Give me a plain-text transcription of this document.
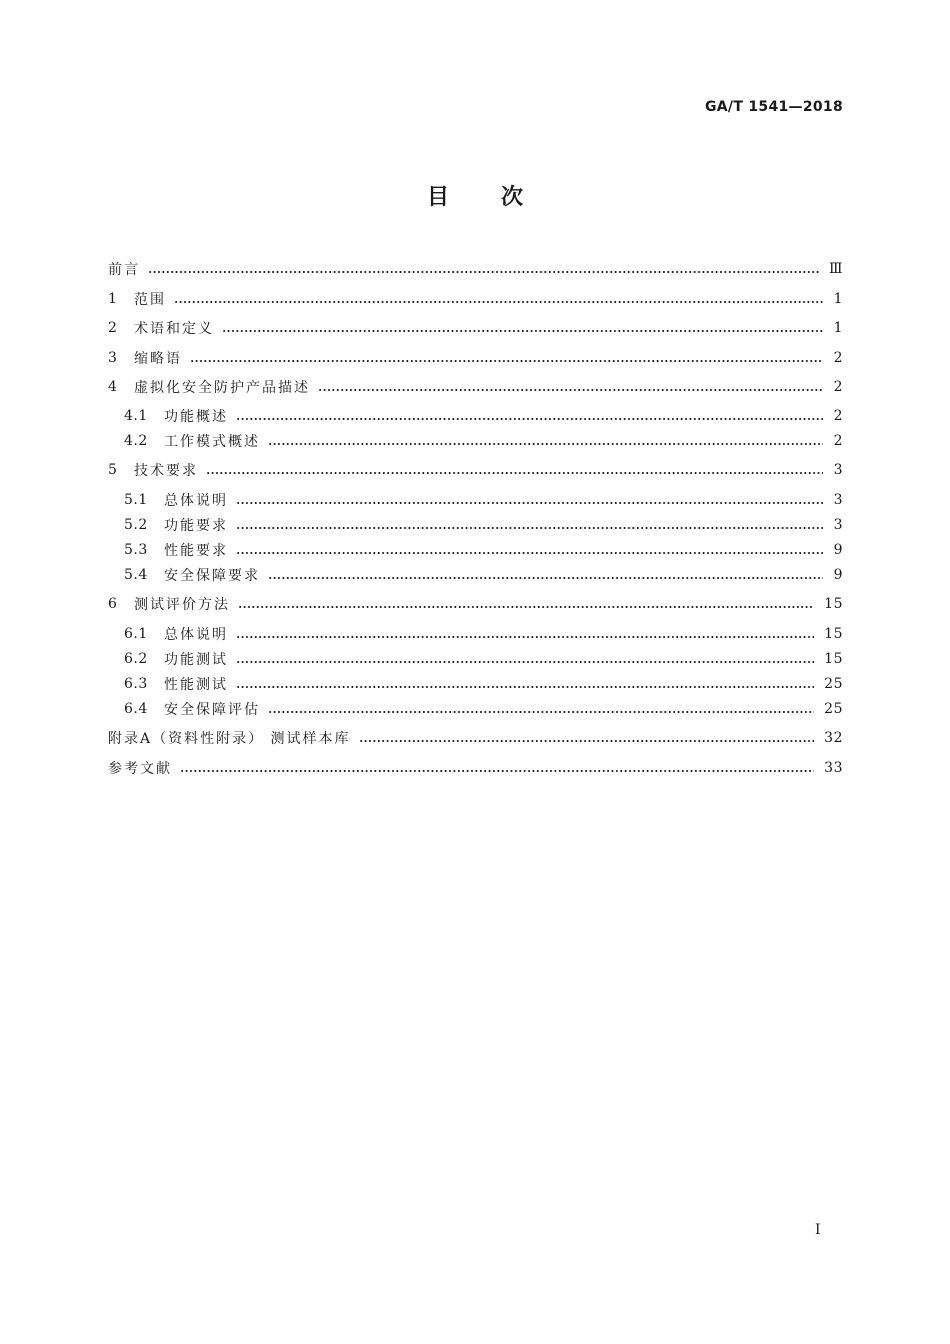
GA/T 1541—2018
目次
前言	Ⅲ
1	范围	1
2	术语和定义	1
3	缩略语	2
4	虚拟化安全防护产品描述	2
4.1	功能概述	2
4.2	工作模式概述	2
5	技术要求	3
5.1	总体说明	3
5.2	功能要求	3
5.3	性能要求	9
5.4	安全保障要求	9
6	测试评价方法	15
6.1	总体说明	15
6.2	功能测试	15
6.3	性能测试	25
6.4	安全保障评估	25
附录A（资料性附录） 测试样本库	32
参考文献	33
I
